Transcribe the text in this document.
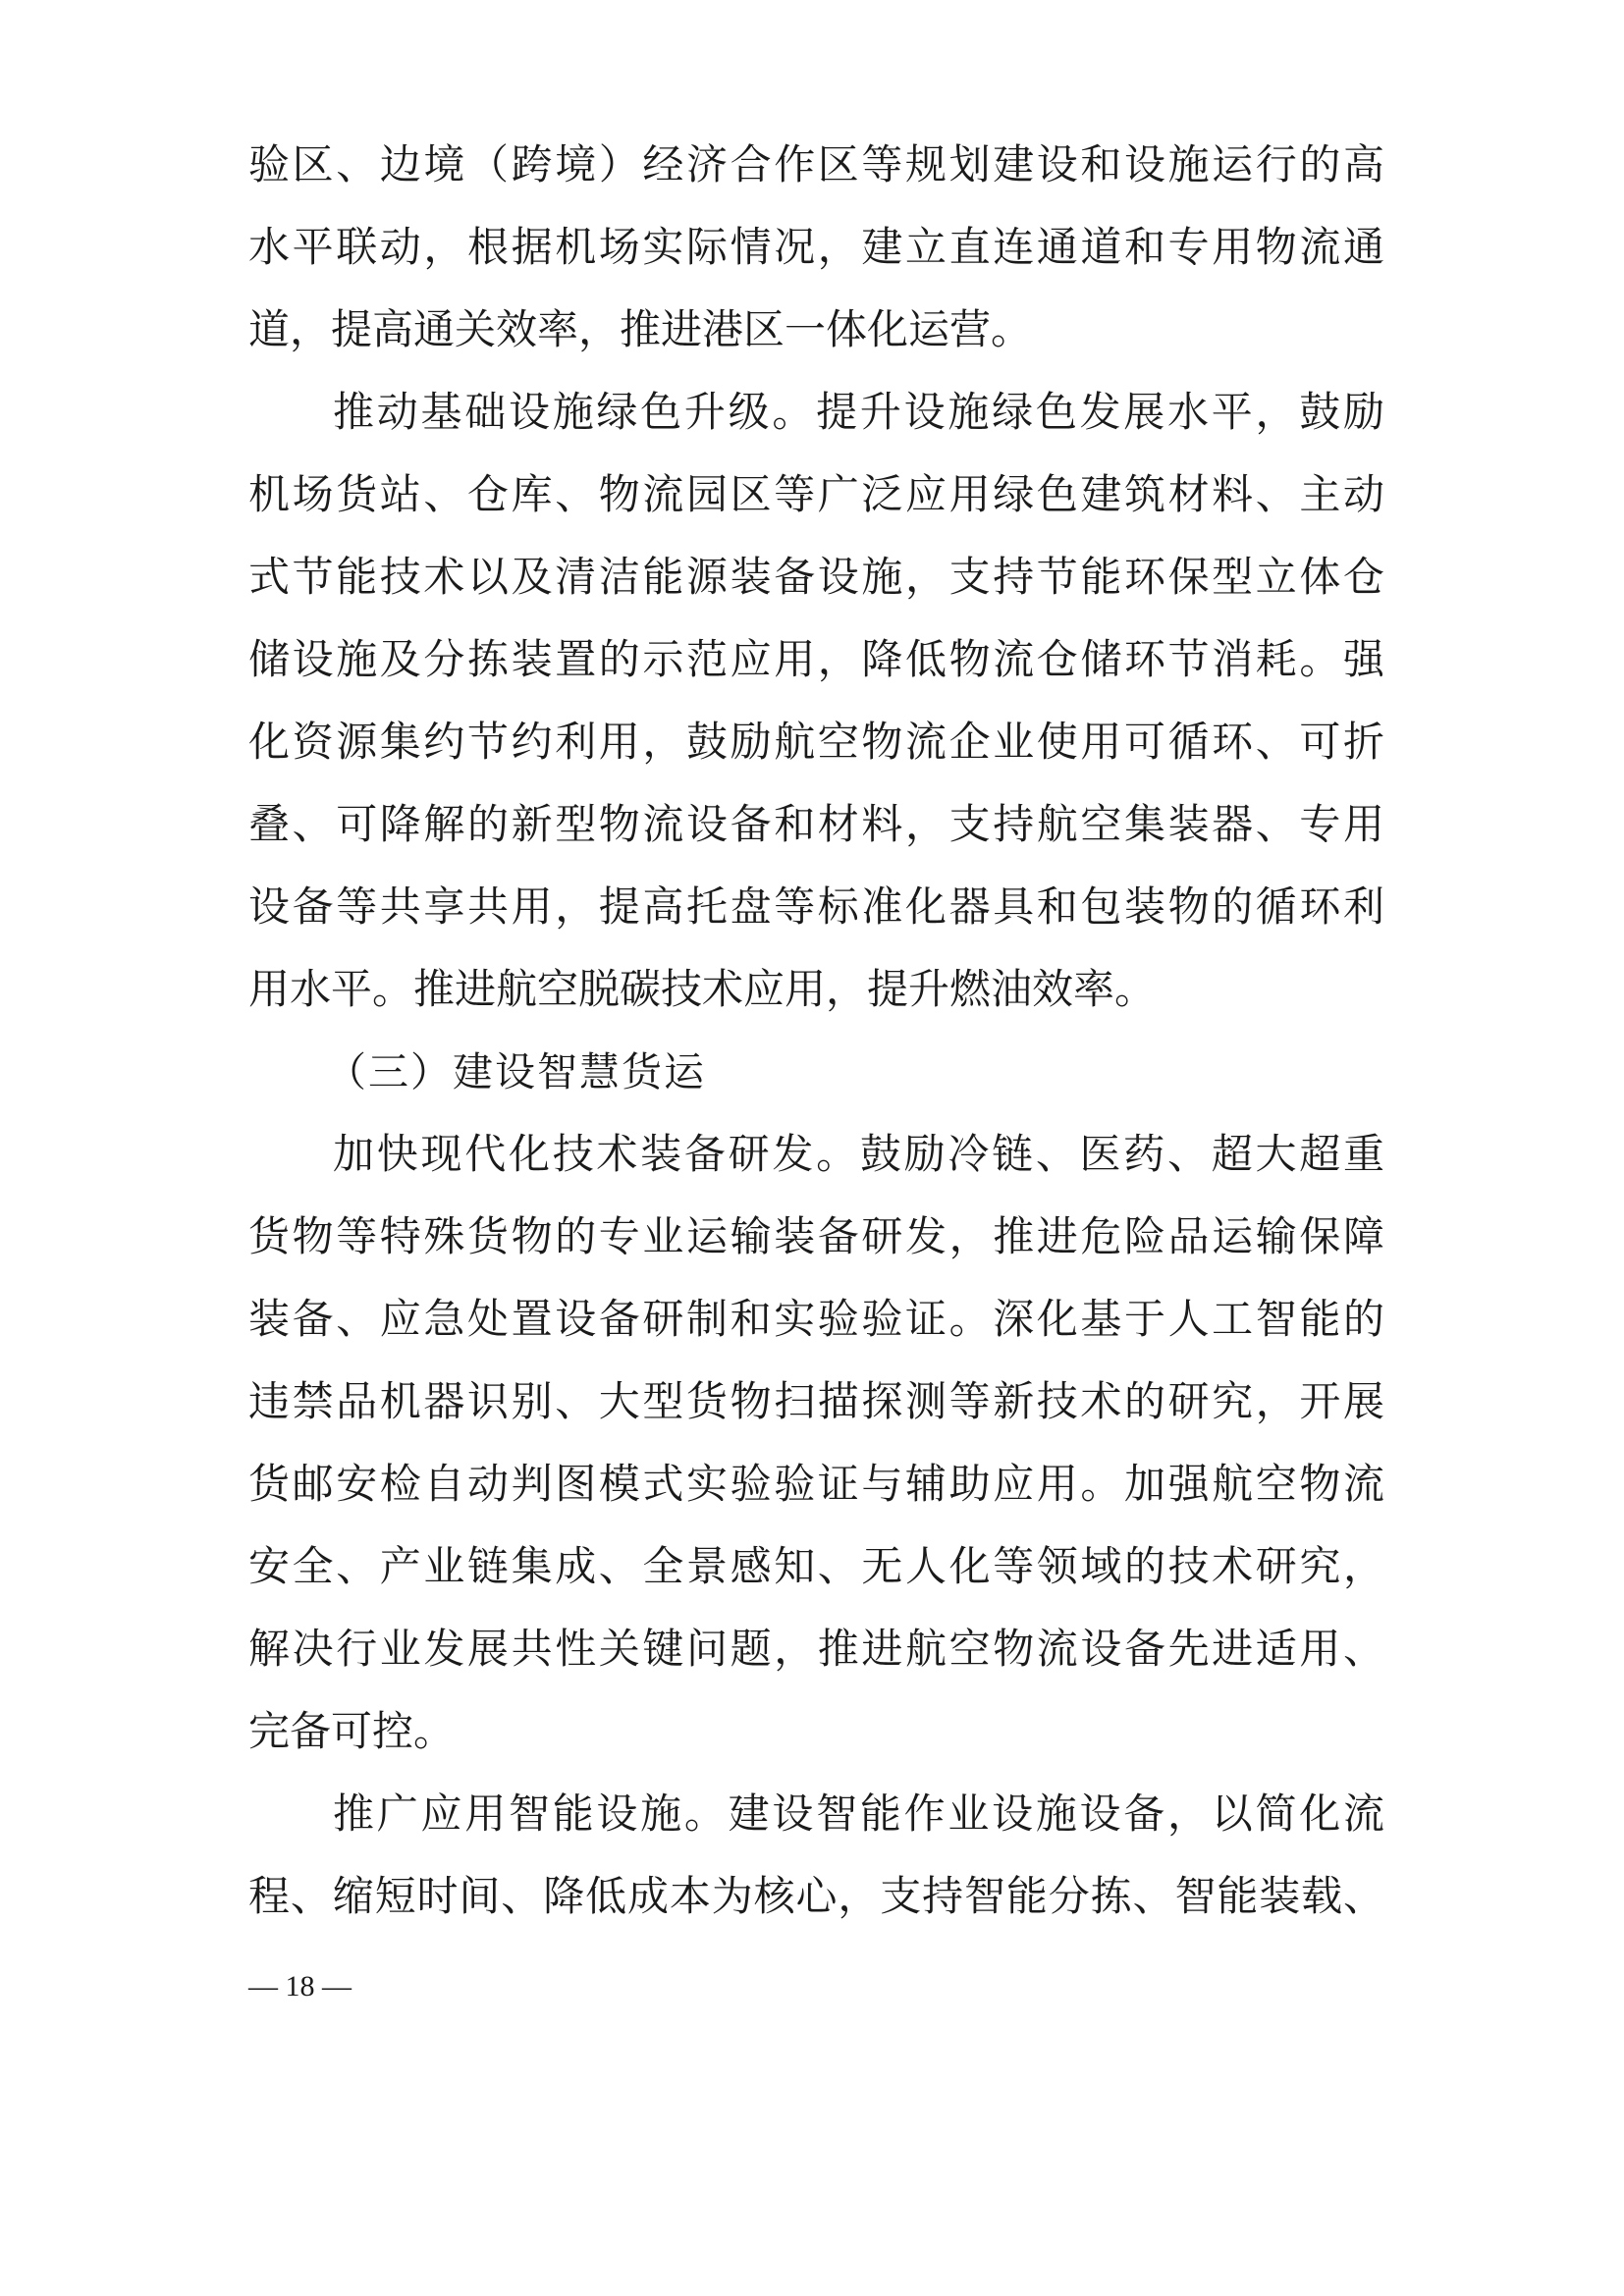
验区、边境（跨境）经济合作区等规划建设和设施运行的高
水平联动，根据机场实际情况，建立直连通道和专用物流通
道，提高通关效率，推进港区一体化运营。
推动基础设施绿色升级。提升设施绿色发展水平，鼓励
机场货站、仓库、物流园区等广泛应用绿色建筑材料、主动
式节能技术以及清洁能源装备设施，支持节能环保型立体仓
储设施及分拣装置的示范应用，降低物流仓储环节消耗。强
化资源集约节约利用，鼓励航空物流企业使用可循环、可折
叠、可降解的新型物流设备和材料，支持航空集装器、专用
设备等共享共用，提高托盘等标准化器具和包装物的循环利
用水平。推进航空脱碳技术应用，提升燃油效率。
（三）建设智慧货运
加快现代化技术装备研发。鼓励冷链、医药、超大超重
货物等特殊货物的专业运输装备研发，推进危险品运输保障
装备、应急处置设备研制和实验验证。深化基于人工智能的
违禁品机器识别、大型货物扫描探测等新技术的研究，开展
货邮安检自动判图模式实验验证与辅助应用。加强航空物流
安全、产业链集成、全景感知、无人化等领域的技术研究，
解决行业发展共性关键问题，推进航空物流设备先进适用、
完备可控。
推广应用智能设施。建设智能作业设施设备，以简化流
程、缩短时间、降低成本为核心，支持智能分拣、智能装载、
— 18 —
